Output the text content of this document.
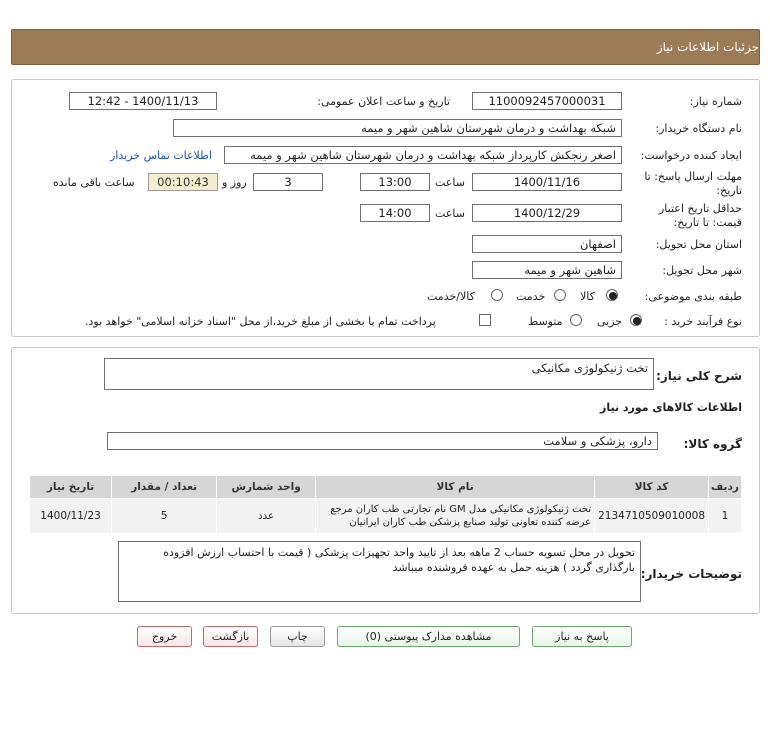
جزئیات اطلاعات نیاز
شماره نیاز:
1100092457000031
تاریخ و ساعت اعلان عمومی:
1400/11/13 - 12:42
نام دستگاه خریدار:
شبکه بهداشت و درمان شهرستان شاهین شهر و میمه
ایجاد کننده درخواست:
اصغر رنجکش کارپرداز شبکه بهداشت و درمان شهرستان شاهین شهر و میمه
اطلاعات تماس خریدار
مهلت ارسال پاسخ: تا
تاریخ:
1400/11/16
ساعت
13:00
3
روز و
00:10:43
ساعت باقی مانده
حداقل تاریخ اعتبار
قیمت: تا تاریخ:
1400/12/29
ساعت
14:00
استان محل تحویل:
اصفهان
شهر محل تحویل:
شاهین شهر و میمه
طبقه بندی موضوعی:
کالا
خدمت
کالا/خدمت
نوع فرآیند خرید :
جزیی
متوسط
پرداخت تمام یا بخشی از مبلغ خرید،از محل "اسناد خزانه اسلامی" خواهد بود.
شرح کلی نیاز:
تخت ژنیکولوژی مکانیکی
اطلاعات کالاهای مورد نیاز
گروه کالا:
دارو، پزشکی و سلامت
ردیف	کد کالا	نام کالا	واحد شمارش	تعداد / مقدار	تاریخ نیاز
1	2134710509010008	تخت ژنیکولوژی مکانیکی مدل GM نام تجارتی طب کاران مرجع عرضه کننده تعاونی تولید صنایع پزشکی طب کاران ایرانیان	عدد	5	1400/11/23
توضیحات خریدار:
تحویل در محل تسویه حساب 2 ماهه بعد از تایید واحد تجهیزات پزشکی ( قیمت با احتساب ارزش افزوده بارگذاری گردد ) هزینه حمل به عهده فروشنده میباشد
پاسخ به نیاز
مشاهده مدارک پیوستی (0)
چاپ
بازگشت
خروج
